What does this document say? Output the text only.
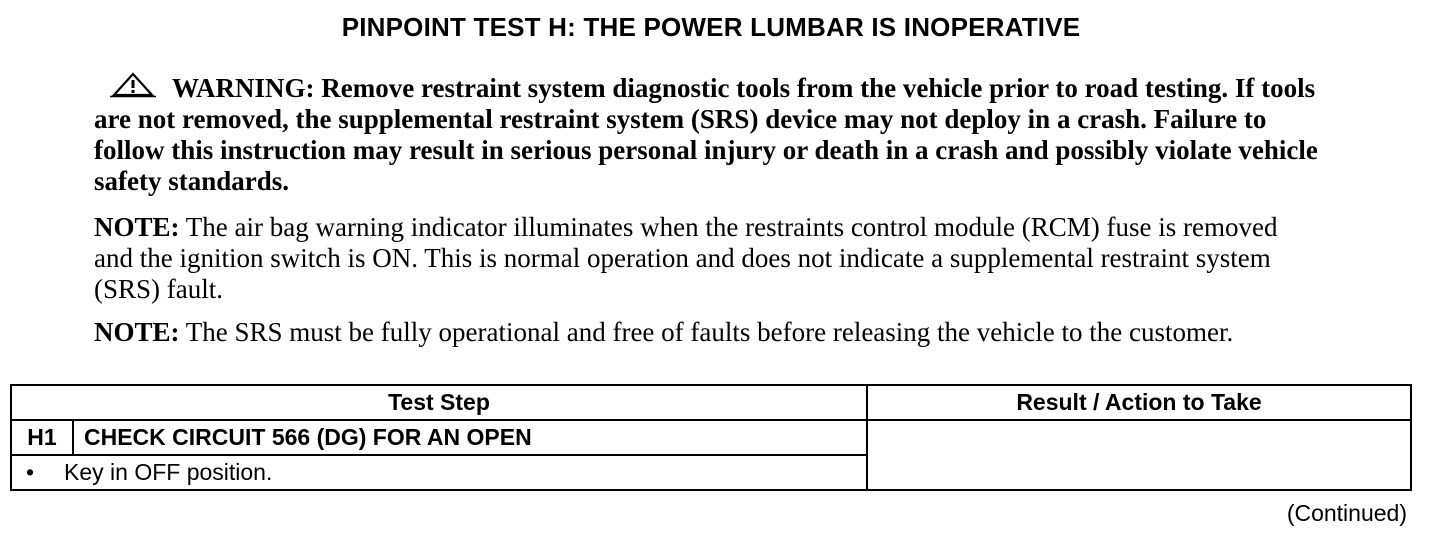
PINPOINT TEST H: THE POWER LUMBAR IS INOPERATIVE
WARNING: Remove restraint system diagnostic tools from the vehicle prior to road testing. If tools are not removed, the supplemental restraint system (SRS) device may not deploy in a crash. Failure to follow this instruction may result in serious personal injury or death in a crash and possibly violate vehicle safety standards.
NOTE: The air bag warning indicator illuminates when the restraints control module (RCM) fuse is removed and the ignition switch is ON. This is normal operation and does not indicate a supplemental restraint system (SRS) fault.
NOTE: The SRS must be fully operational and free of faults before releasing the vehicle to the customer.
Test Step		Result / Action to Take
H1	CHECK CIRCUIT 566 (DG) FOR AN OPEN	
• Key in OFF position.		
(Continued)
